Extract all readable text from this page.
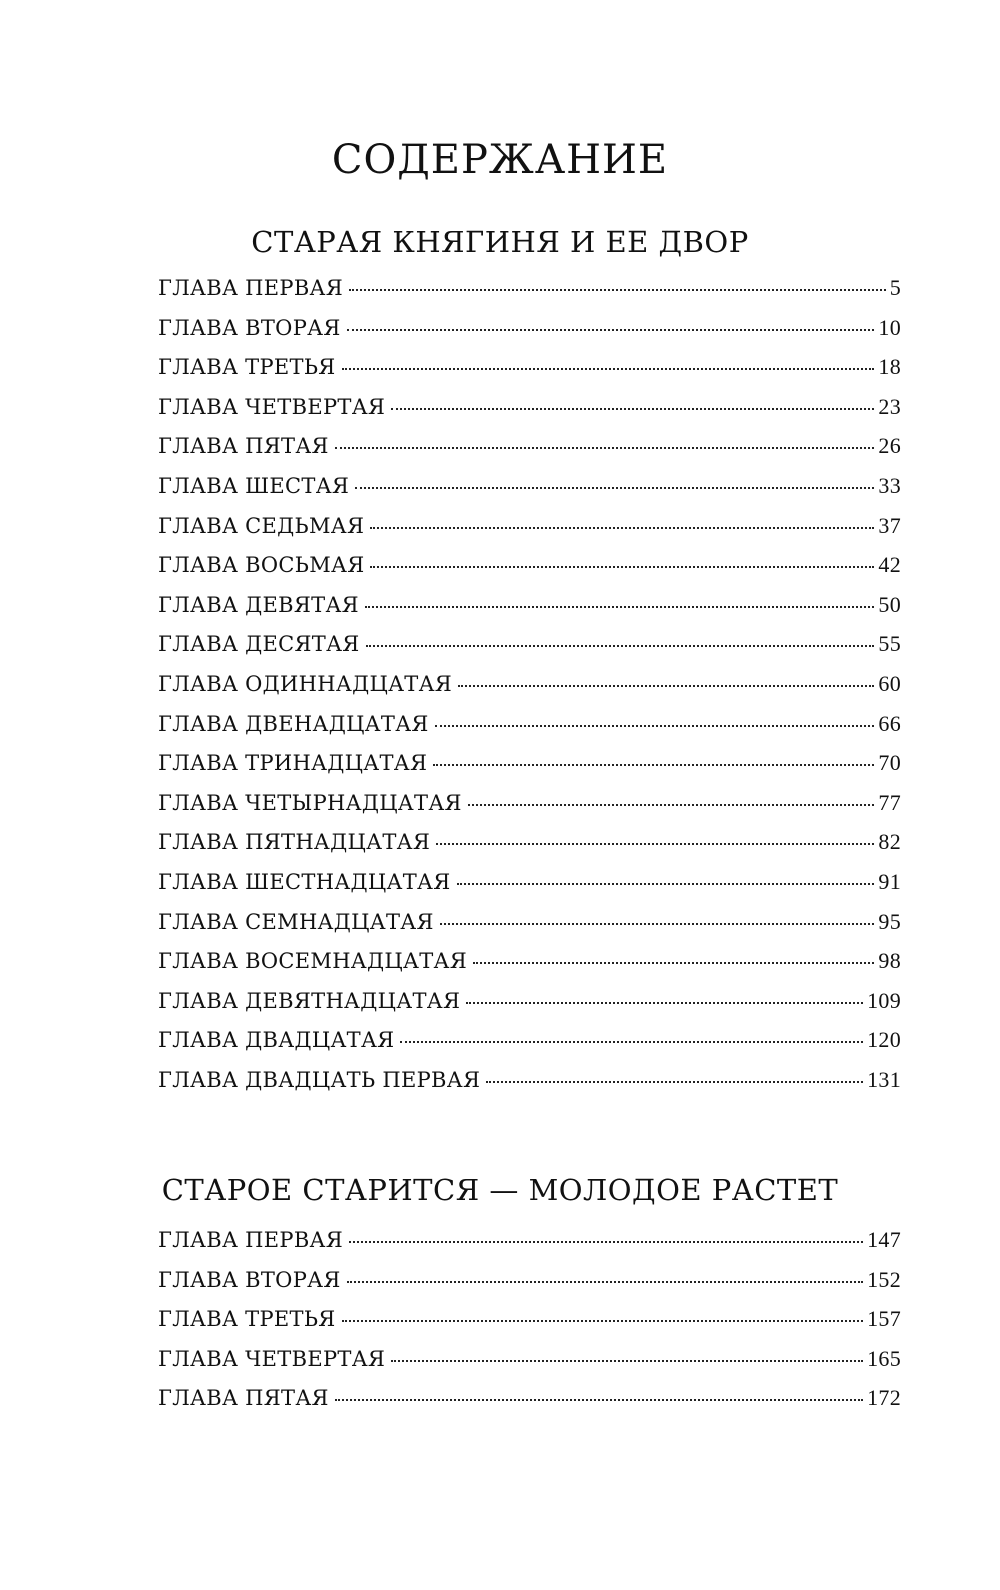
СОДЕРЖАНИЕ
СТАРАЯ КНЯГИНЯ И ЕЕ ДВОР
ГЛАВА ПЕРВАЯ	5
ГЛАВА ВТОРАЯ	10
ГЛАВА ТРЕТЬЯ	18
ГЛАВА ЧЕТВЕРТАЯ	23
ГЛАВА ПЯТАЯ	26
ГЛАВА ШЕСТАЯ	33
ГЛАВА СЕДЬМАЯ	37
ГЛАВА ВОСЬМАЯ	42
ГЛАВА ДЕВЯТАЯ	50
ГЛАВА ДЕСЯТАЯ	55
ГЛАВА ОДИННАДЦАТАЯ	60
ГЛАВА ДВЕНАДЦАТАЯ	66
ГЛАВА ТРИНАДЦАТАЯ	70
ГЛАВА ЧЕТЫРНАДЦАТАЯ	77
ГЛАВА ПЯТНАДЦАТАЯ	82
ГЛАВА ШЕСТНАДЦАТАЯ	91
ГЛАВА СЕМНАДЦАТАЯ	95
ГЛАВА ВОСЕМНАДЦАТАЯ	98
ГЛАВА ДЕВЯТНАДЦАТАЯ	109
ГЛАВА ДВАДЦАТАЯ	120
ГЛАВА ДВАДЦАТЬ ПЕРВАЯ	131
СТАРОЕ СТАРИТСЯ — МОЛОДОЕ РАСТЕТ
ГЛАВА ПЕРВАЯ	147
ГЛАВА ВТОРАЯ	152
ГЛАВА ТРЕТЬЯ	157
ГЛАВА ЧЕТВЕРТАЯ	165
ГЛАВА ПЯТАЯ	172
